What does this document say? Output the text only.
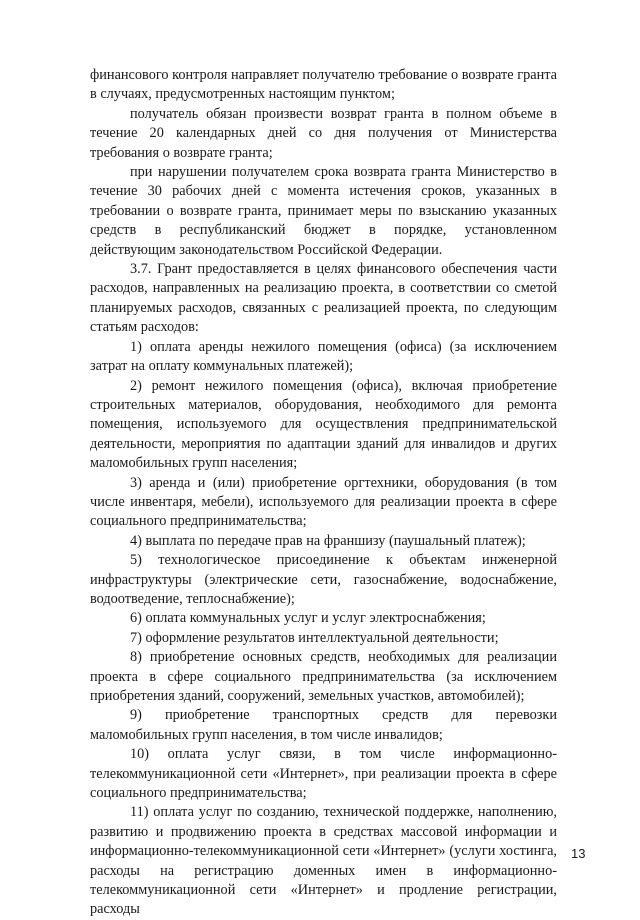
финансового контроля направляет получателю требование о возврате гранта в случаях, предусмотренных настоящим пунктом;

получатель обязан произвести возврат гранта в полном объеме в течение 20 календарных дней со дня получения от Министерства требования о возврате гранта;

при нарушении получателем срока возврата гранта Министерство в течение 30 рабочих дней с момента истечения сроков, указанных в требовании о возврате гранта, принимает меры по взысканию указанных средств в республиканский бюджет в порядке, установленном действующим законодательством Российской Федерации.

3.7. Грант предоставляется в целях финансового обеспечения части расходов, направленных на реализацию проекта, в соответствии со сметой планируемых расходов, связанных с реализацией проекта, по следующим статьям расходов:

1) оплата аренды нежилого помещения (офиса) (за исключением затрат на оплату коммунальных платежей);

2) ремонт нежилого помещения (офиса), включая приобретение строительных материалов, оборудования, необходимого для ремонта помещения, используемого для осуществления предпринимательской деятельности, мероприятия по адаптации зданий для инвалидов и других маломобильных групп населения;

3) аренда и (или) приобретение оргтехники, оборудования (в том числе инвентаря, мебели), используемого для реализации проекта в сфере социального предпринимательства;

4) выплата по передаче прав на франшизу (паушальный платеж);

5) технологическое присоединение к объектам инженерной инфраструктуры (электрические сети, газоснабжение, водоснабжение, водоотведение, теплоснабжение);

6) оплата коммунальных услуг и услуг электроснабжения;

7) оформление результатов интеллектуальной деятельности;

8) приобретение основных средств, необходимых для реализации проекта в сфере социального предпринимательства (за исключением приобретения зданий, сооружений, земельных участков, автомобилей);

9) приобретение транспортных средств для перевозки маломобильных групп населения, в том числе инвалидов;

10) оплата услуг связи, в том числе информационно-телекоммуникационной сети «Интернет», при реализации проекта в сфере социального предпринимательства;

11) оплата услуг по созданию, технической поддержке, наполнению, развитию и продвижению проекта в средствах массовой информации и информационно-телекоммуникационной сети «Интернет» (услуги хостинга, расходы на регистрацию доменных имен в информационно-телекоммуникационной сети «Интернет» и продление регистрации, расходы

13
